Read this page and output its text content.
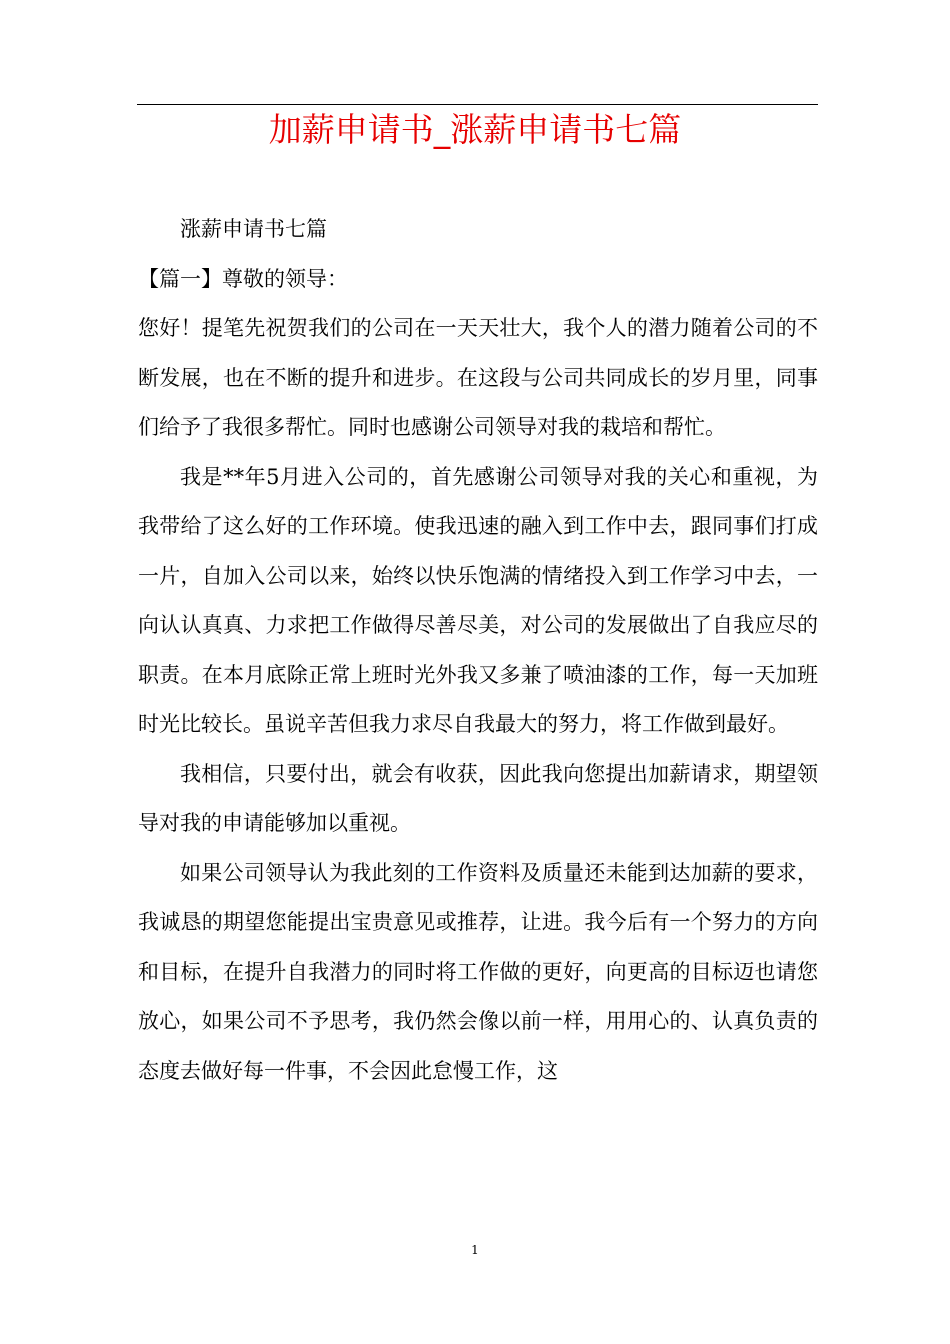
加薪申请书_涨薪申请书七篇

涨薪申请书七篇

【篇一】尊敬的领导：

您好！提笔先祝贺我们的公司在一天天壮大，我个人的潜力随着公司的不断发展，也在不断的提升和进步。在这段与公司共同成长的岁月里，同事们给予了我很多帮忙。同时也感谢公司领导对我的栽培和帮忙。

我是**年5月进入公司的，首先感谢公司领导对我的关心和重视，为我带给了这么好的工作环境。使我迅速的融入到工作中去，跟同事们打成一片，自加入公司以来，始终以快乐饱满的情绪投入到工作学习中去，一向认认真真、力求把工作做得尽善尽美，对公司的发展做出了自我应尽的职责。在本月底除正常上班时光外我又多兼了喷油漆的工作，每一天加班时光比较长。虽说辛苦但我力求尽自我最大的努力，将工作做到最好。

我相信，只要付出，就会有收获，因此我向您提出加薪请求，期望领导对我的申请能够加以重视。

如果公司领导认为我此刻的工作资料及质量还未能到达加薪的要求，我诚恳的期望您能提出宝贵意见或推荐，让进。我今后有一个努力的方向和目标，在提升自我潜力的同时将工作做的更好，向更高的目标迈也请您放心，如果公司不予思考，我仍然会像以前一样，用用心的、认真负责的态度去做好每一件事，不会因此怠慢工作，这

1
